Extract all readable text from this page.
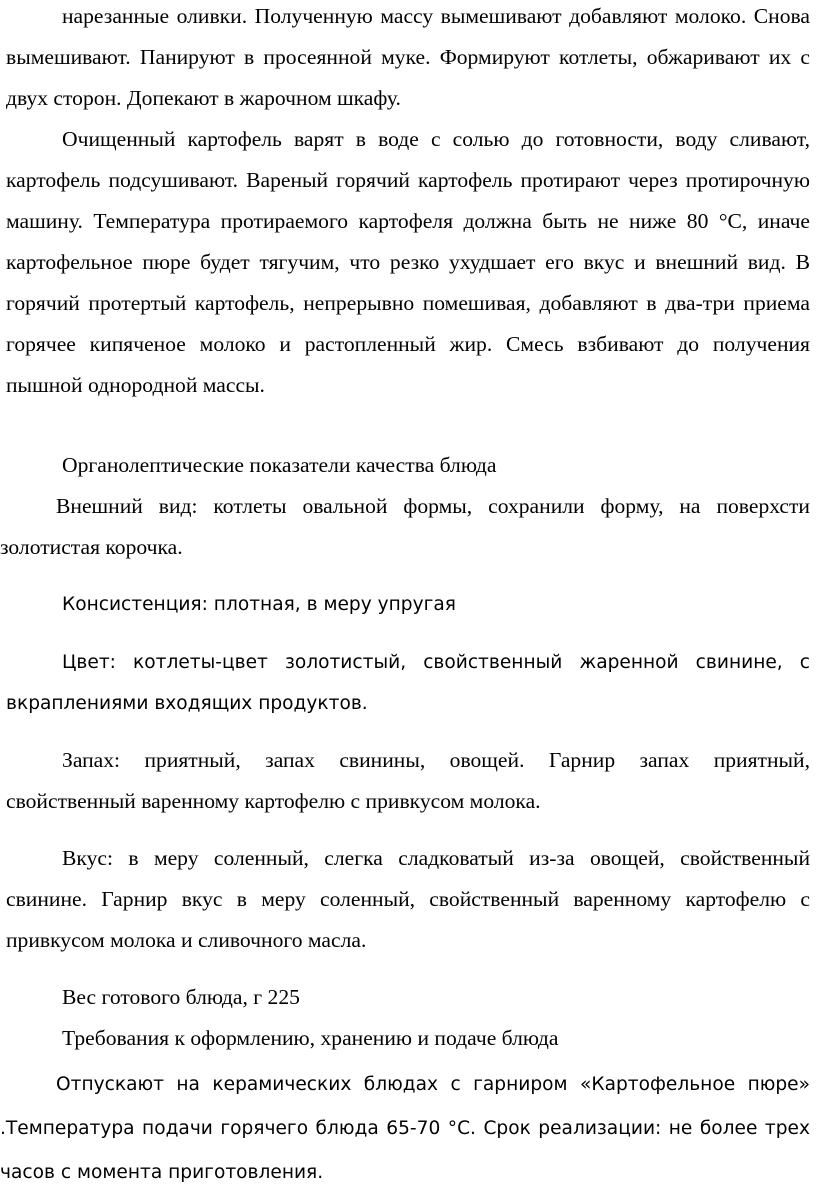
нарезанные оливки. Полученную массу вымешивают добавляют молоко. Снова вымешивают. Панируют в просеянной муке. Формируют котлеты, обжаривают их с двух сторон. Допекают в жарочном шкафу.

Очищенный картофель варят в воде с солью до готовности, воду сливают, картофель подсушивают. Вареный горячий картофель протирают через протирочную машину. Температура протираемого картофеля должна быть не ниже 80 °С, иначе картофельное пюре будет тягучим, что резко ухудшает его вкус и внешний вид. В горячий протертый картофель, непрерывно помешивая, добавляют в два-три приема горячее кипяченое молоко и растопленный жир. Смесь взбивают до получения пышной однородной массы.

Органолептические показатели качества блюда

Внешний вид: котлеты овальной формы, сохранили форму, на поверхсти золотистая корочка.

Консистенция: плотная, в меру упругая

Цвет: котлеты-цвет золотистый, свойственный жаренной свинине, с вкраплениями входящих продуктов.

Запах: приятный, запах свинины, овощей. Гарнир запах приятный, свойственный варенному картофелю с привкусом молока.

Вкус: в меру соленный, слегка сладковатый из-за овощей, свойственный свинине. Гарнир вкус в меру соленный, свойственный варенному картофелю с привкусом молока и сливочного масла.

Вес готового блюда, г 225

Требования к оформлению, хранению и подаче блюда

Отпускают на керамических блюдах с гарниром «Картофельное пюре» .Температура подачи горячего блюда 65-70 °С. Срок реализации: не более трех часов с момента приготовления.
